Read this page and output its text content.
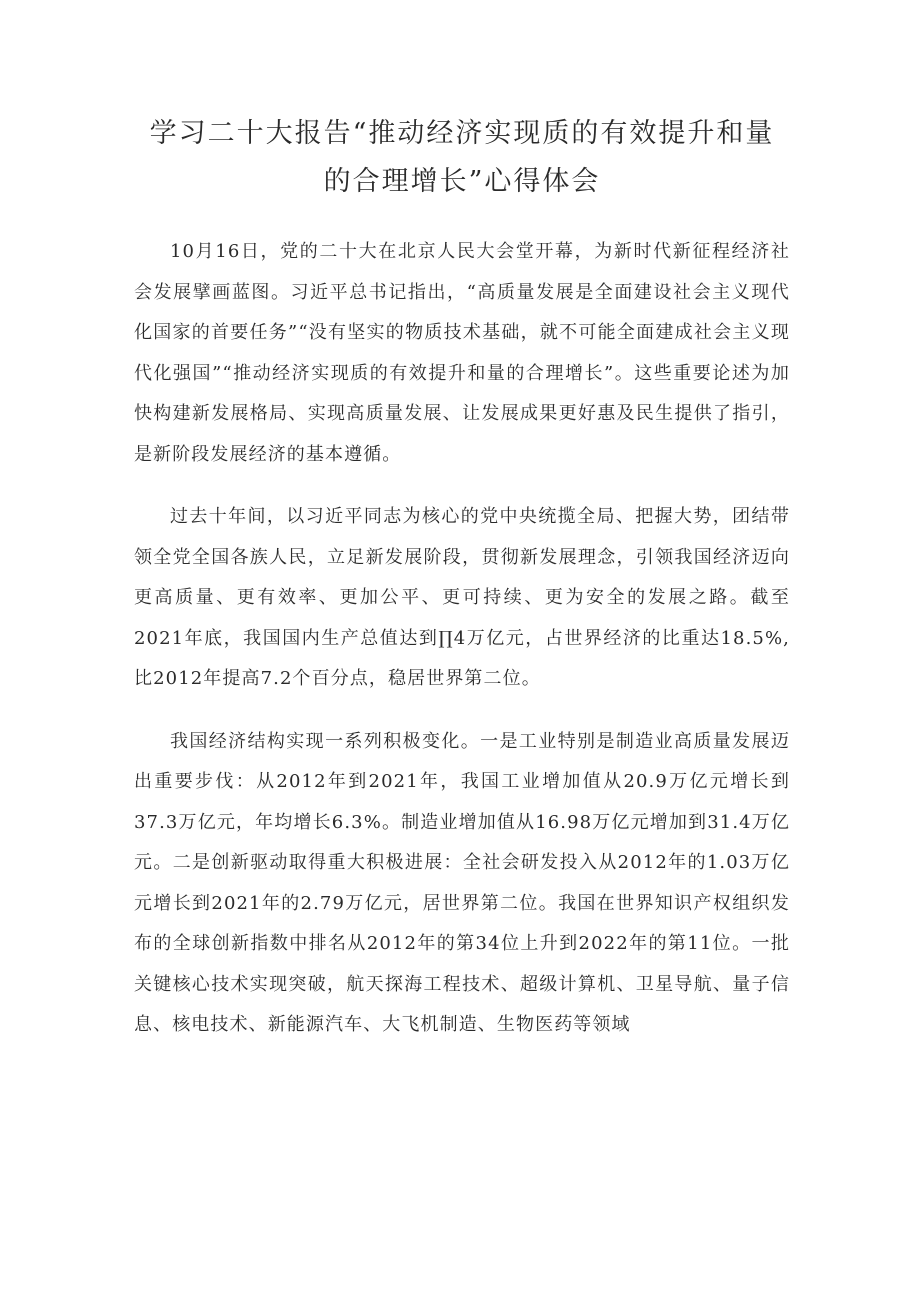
学习二十大报告“推动经济实现质的有效提升和量
的合理增长”心得体会

10月16日，党的二十大在北京人民大会堂开幕，为新时代新征程经济社会发展擘画蓝图。习近平总书记指出，“高质量发展是全面建设社会主义现代化国家的首要任务”“没有坚实的物质技术基础，就不可能全面建成社会主义现代化强国”“推动经济实现质的有效提升和量的合理增长”。这些重要论述为加快构建新发展格局、实现高质量发展、让发展成果更好惠及民生提供了指引，是新阶段发展经济的基本遵循。

过去十年间，以习近平同志为核心的党中央统揽全局、把握大势，团结带领全党全国各族人民，立足新发展阶段，贯彻新发展理念，引领我国经济迈向更高质量、更有效率、更加公平、更可持续、更为安全的发展之路。截至2021年底，我国国内生产总值达到∏4万亿元，占世界经济的比重达18.5%,比2012年提高7.2个百分点，稳居世界第二位。

我国经济结构实现一系列积极变化。一是工业特别是制造业高质量发展迈出重要步伐：从2012年到2021年，我国工业增加值从20.9万亿元增长到37.3万亿元，年均增长6.3%。制造业增加值从16.98万亿元增加到31.4万亿元。二是创新驱动取得重大积极进展：全社会研发投入从2012年的1.03万亿元增长到2021年的2.79万亿元，居世界第二位。我国在世界知识产权组织发布的全球创新指数中排名从2012年的第34位上升到2022年的第11位。一批关键核心技术实现突破，航天探海工程技术、超级计算机、卫星导航、量子信息、核电技术、新能源汽车、大飞机制造、生物医药等领域
